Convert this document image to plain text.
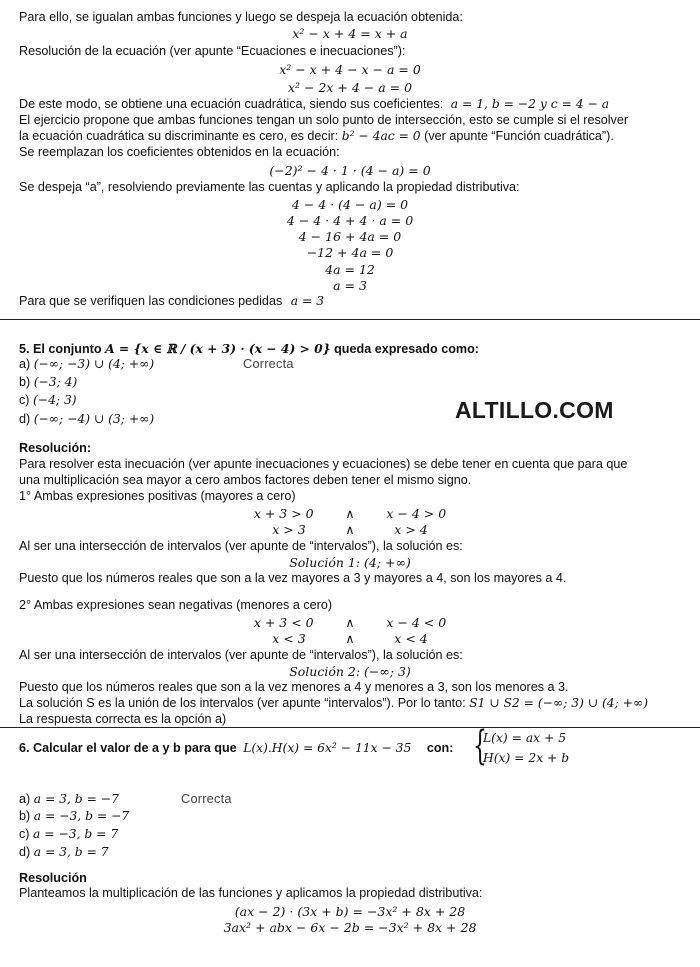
Para ello, se igualan ambas funciones y luego se despeja la ecuación obtenida:
x² − x + 4 = x + a
Resolución de la ecuación (ver apunte “Ecuaciones e inecuaciones”):
x² − x + 4 − x − a = 0
x² − 2x + 4 − a = 0
De este modo, se obtiene una ecuación cuadrática, siendo sus coeficientes: a = 1, b = −2 y c = 4 − a
El ejercicio propone que ambas funciones tengan un solo punto de intersección, esto se cumple si el resolver
la ecuación cuadrática su discriminante es cero, es decir: b² − 4ac = 0 (ver apunte “Función cuadrática”).
Se reemplazan los coeficientes obtenidos en la ecuación:
(−2)² − 4 · 1 · (4 − a) = 0
Se despeja “a”, resolviendo previamente las cuentas y aplicando la propiedad distributiva:
4 − 4 · (4 − a) = 0
4 − 4 · 4 + 4 · a = 0
4 − 16 + 4a = 0
−12 + 4a = 0
4a = 12
a = 3
Para que se verifiquen las condiciones pedidas a = 3
5. El conjunto A = {x ∈ ℝ / (x + 3) · (x − 4) > 0} queda expresado como:
a) (−∞; −3) ∪ (4; +∞)	Correcta
b) (−3; 4)
c) (−4; 3)
d) (−∞; −4) ∪ (3; +∞)	ALTILLO.COM
Resolución:
Para resolver esta inecuación (ver apunte inecuaciones y ecuaciones) se debe tener en cuenta que para que
una multiplicación sea mayor a cero ambos factores deben tener el mismo signo.
1° Ambas expresiones positivas (mayores a cero)
x + 3 > 0        ∧        x − 4 > 0
x > 3          ∧          x > 4
Al ser una intersección de intervalos (ver apunte de “intervalos”), la solución es:
Solución 1: (4; +∞)
Puesto que los números reales que son a la vez mayores a 3 y mayores a 4, son los mayores a 4.
2° Ambas expresiones sean negativas (menores a cero)
x + 3 < 0        ∧        x − 4 < 0
x < 3          ∧          x < 4
Al ser una intersección de intervalos (ver apunte de “intervalos”), la solución es:
Solución 2: (−∞; 3)
Puesto que los números reales que son a la vez menores a 4 y menores a 3, son los menores a 3.
La solución S es la unión de los intervalos (ver apunte “intervalos”). Por lo tanto: S1 ∪ S2 = (−∞; 3) ∪ (4; +∞)
La respuesta correcta es la opción a)
6. Calcular el valor de a y b para que L(x).H(x) = 6x² − 11x − 35 con: {
L(x) = ax + 5
H(x) = 2x + b
a) a = 3, b = −7	Correcta
b) a = −3, b = −7
c) a = −3, b = 7
d) a = 3, b = 7
Resolución
Planteamos la multiplicación de las funciones y aplicamos la propiedad distributiva:
(ax − 2) · (3x + b) = −3x² + 8x + 28
3ax² + abx − 6x − 2b = −3x² + 8x + 28
